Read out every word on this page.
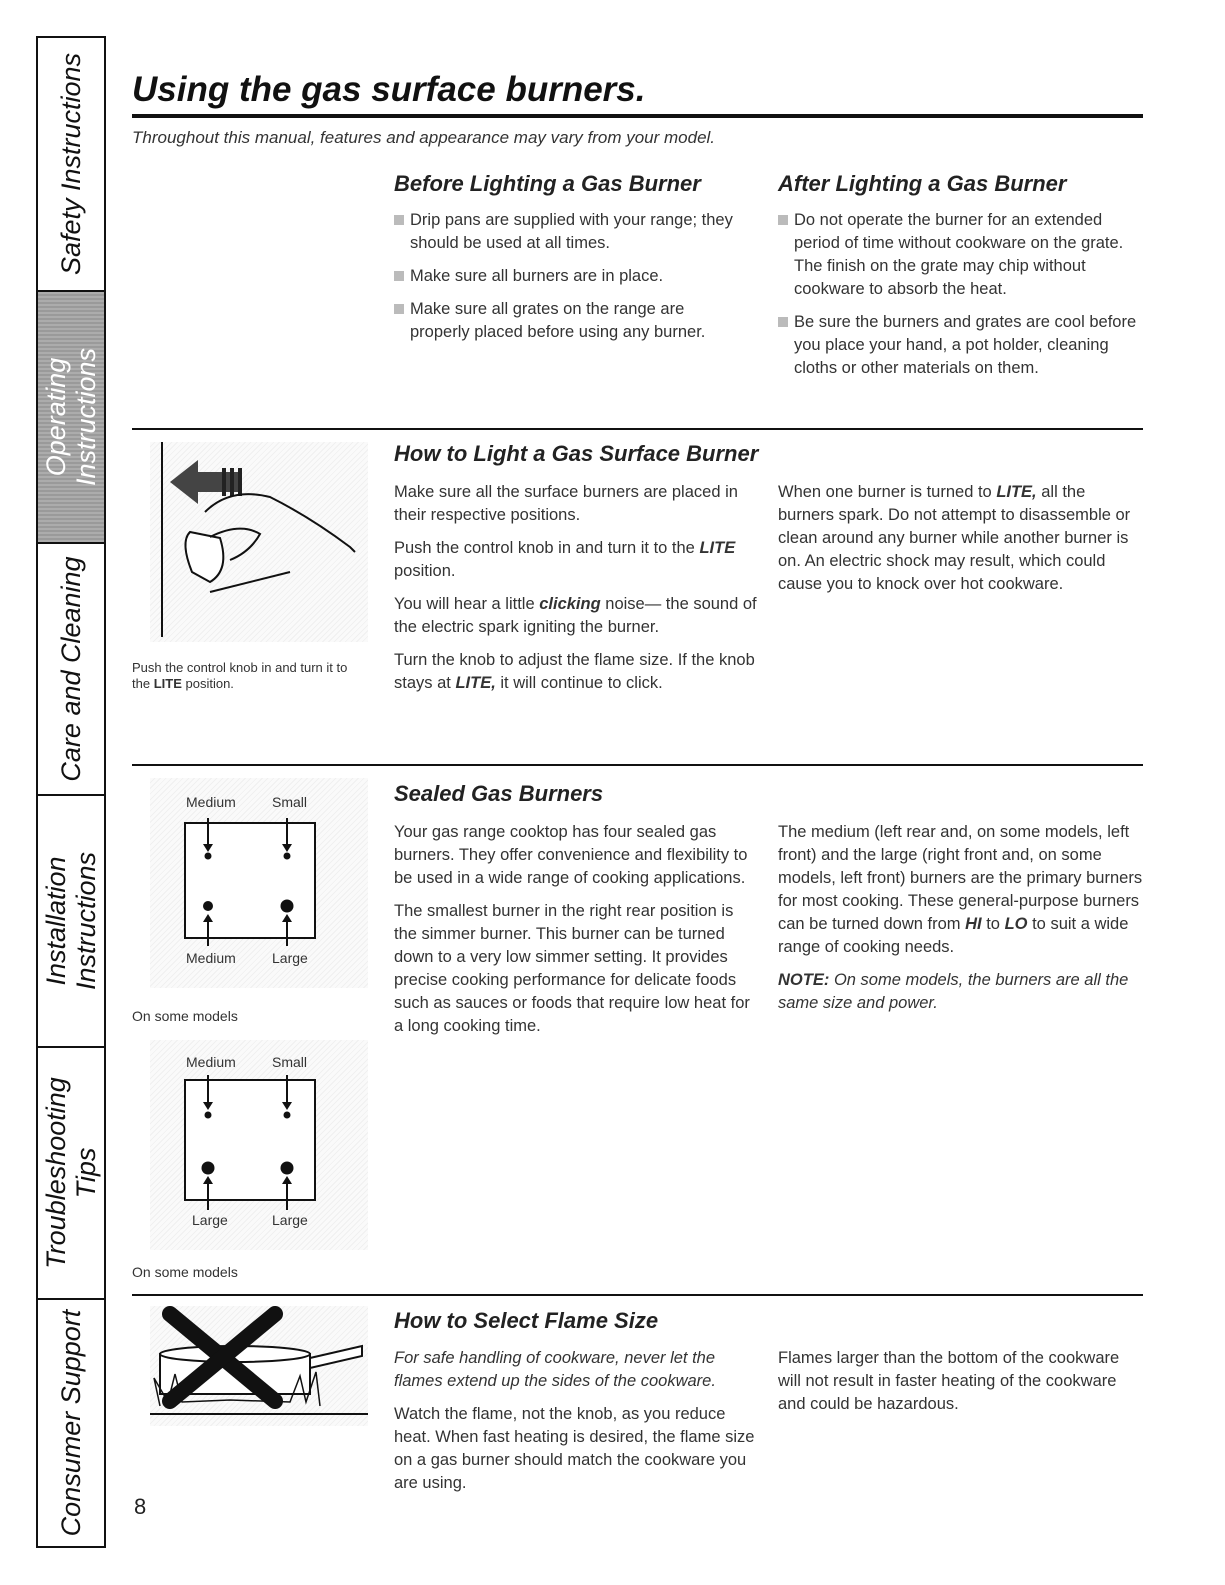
Safety Instructions
Operating
Instructions
Care and Cleaning
Installation
Instructions
Troubleshooting
Tips
Consumer Support
Using the gas surface burners.
Throughout this manual, features and appearance may vary from your model.
Before Lighting a Gas Burner
Drip pans are supplied with your range; they should be used at all times.
Make sure all burners are in place.
Make sure all grates on the range are properly placed before using any burner.
After Lighting a Gas Burner
Do not operate the burner for an extended period of time without cookware on the grate. The finish on the grate may chip without cookware to absorb the heat.
Be sure the burners and grates are cool before you place your hand, a pot holder, cleaning cloths or other materials on them.
Push the control knob in and turn it to the LITE position.
How to Light a Gas Surface Burner

Make sure all the surface burners are placed in their respective positions.

Push the control knob in and turn it to the LITE position.

You will hear a little clicking noise— the sound of the electric spark igniting the burner.

Turn the knob to adjust the flame size. If the knob stays at LITE, it will continue to click.

When one burner is turned to LITE, all the burners spark. Do not attempt to disassemble or clean around any burner while another burner is on. An electric shock may result, which could cause you to knock over hot cookware.

Medium	Small
Medium	Large
On some models
Medium	Small
Large	Large
On some models
Sealed Gas Burners

Your gas range cooktop has four sealed gas burners. They offer convenience and flexibility to be used in a wide range of cooking applications.

The smallest burner in the right rear position is the simmer burner. This burner can be turned down to a very low simmer setting. It provides precise cooking performance for delicate foods such as sauces or foods that require low heat for a long cooking time.

The medium (left rear and, on some models, left front) and the large (right front and, on some models, left front) burners are the primary burners for most cooking. These general-purpose burners can be turned down from HI to LO to suit a wide range of cooking needs.

NOTE: On some models, the burners are all the same size and power.

How to Select Flame Size

For safe handling of cookware, never let the flames extend up the sides of the cookware.

Watch the flame, not the knob, as you reduce heat. When fast heating is desired, the flame size on a gas burner should match the cookware you are using.

Flames larger than the bottom of the cookware will not result in faster heating of the cookware and could be hazardous.

8
